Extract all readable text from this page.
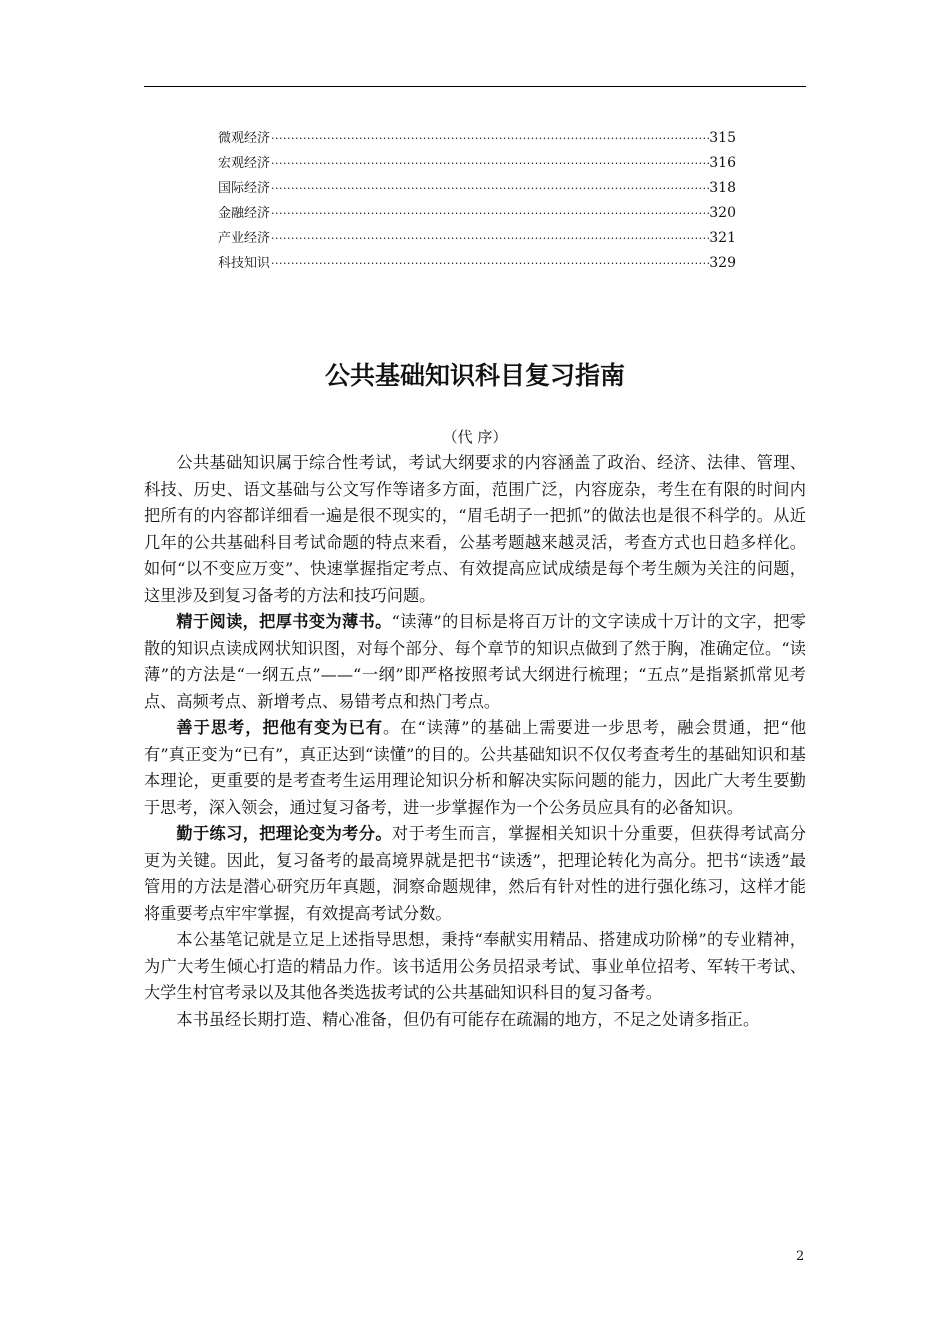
微观经济 ·····	315
宏观经济 ·····	316
国际经济 ·····	318
金融经济 ·····	320
产业经济 ·····	321
科技知识 ·····	329
公共基础知识科目复习指南
（代 序）

公共基础知识属于综合性考试，考试大纲要求的内容涵盖了政治、经济、法律、管理、科技、历史、语文基础与公文写作等诸多方面，范围广泛，内容庞杂，考生在有限的时间内把所有的内容都详细看一遍是很不现实的，“眉毛胡子一把抓”的做法也是很不科学的。从近几年的公共基础科目考试命题的特点来看，公基考题越来越灵活，考查方式也日趋多样化。如何“以不变应万变”、快速掌握指定考点、有效提高应试成绩是每个考生颇为关注的问题，这里涉及到复习备考的方法和技巧问题。

精于阅读，把厚书变为薄书。“读薄”的目标是将百万计的文字读成十万计的文字，把零散的知识点读成网状知识图，对每个部分、每个章节的知识点做到了然于胸，准确定位。“读薄”的方法是“一纲五点”——“一纲”即严格按照考试大纲进行梳理；“五点”是指紧抓常见考点、高频考点、新增考点、易错考点和热门考点。

善于思考，把他有变为已有。在“读薄”的基础上需要进一步思考，融会贯通，把“他有”真正变为“已有”，真正达到“读懂”的目的。公共基础知识不仅仅考查考生的基础知识和基本理论，更重要的是考查考生运用理论知识分析和解决实际问题的能力，因此广大考生要勤于思考，深入领会，通过复习备考，进一步掌握作为一个公务员应具有的必备知识。

勤于练习，把理论变为考分。对于考生而言，掌握相关知识十分重要，但获得考试高分更为关键。因此，复习备考的最高境界就是把书“读透”，把理论转化为高分。把书“读透”最管用的方法是潜心研究历年真题，洞察命题规律，然后有针对性的进行强化练习，这样才能将重要考点牢牢掌握，有效提高考试分数。

本公基笔记就是立足上述指导思想，秉持“奉献实用精品、搭建成功阶梯”的专业精神，为广大考生倾心打造的精品力作。该书适用公务员招录考试、事业单位招考、军转干考试、大学生村官考录以及其他各类选拔考试的公共基础知识科目的复习备考。

本书虽经长期打造、精心准备，但仍有可能存在疏漏的地方，不足之处请多指正。

2
